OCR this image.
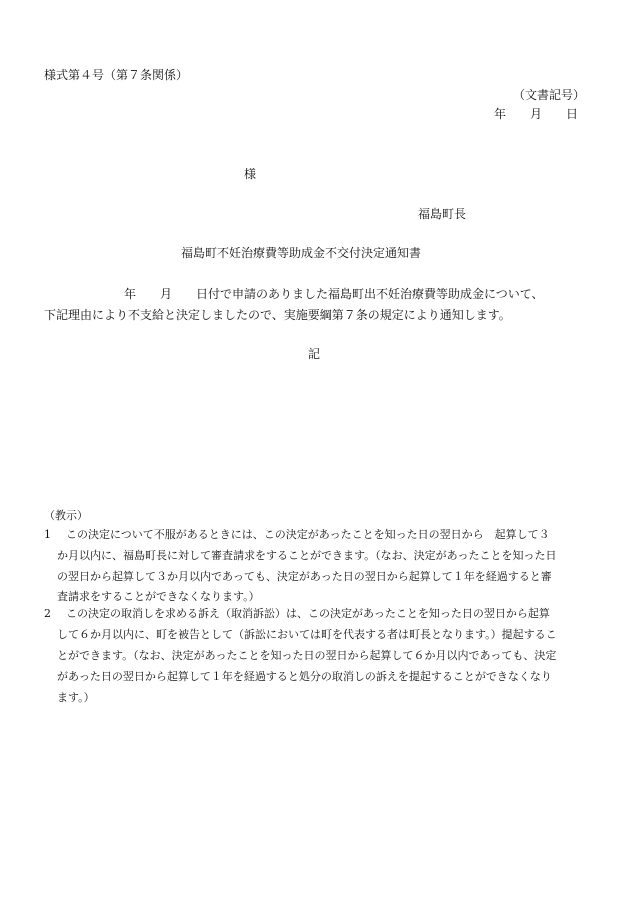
様式第４号（第７条関係）
（文書記号）
年　　月　　日
様
福島町長
福島町不妊治療費等助成金不交付決定通知書
年　　月　　日付で申請のありました福島町出不妊治療費等助成金について、
下記理由により不支給と決定しましたので、実施要綱第７条の規定により通知します。
記
（教示）
1 　この決定について不服があるときには、この決定があったことを知った日の翌日から　起算して３
か月以内に、福島町長に対して審査請求をすることができます。（なお、決定があったことを知った日
の翌日から起算して３か月以内であっても、決定があった日の翌日から起算して１年を経過すると審
査請求をすることができなくなります。）
2 　この決定の取消しを求める訴え（取消訴訟）は、この決定があったことを知った日の翌日から起算
して６か月以内に、町を被告として（訴訟においては町を代表する者は町長となります。）提起するこ
とができます。（なお、決定があったことを知った日の翌日から起算して６か月以内であっても、決定
があった日の翌日から起算して１年を経過すると処分の取消しの訴えを提起することができなくなり
ます。）
